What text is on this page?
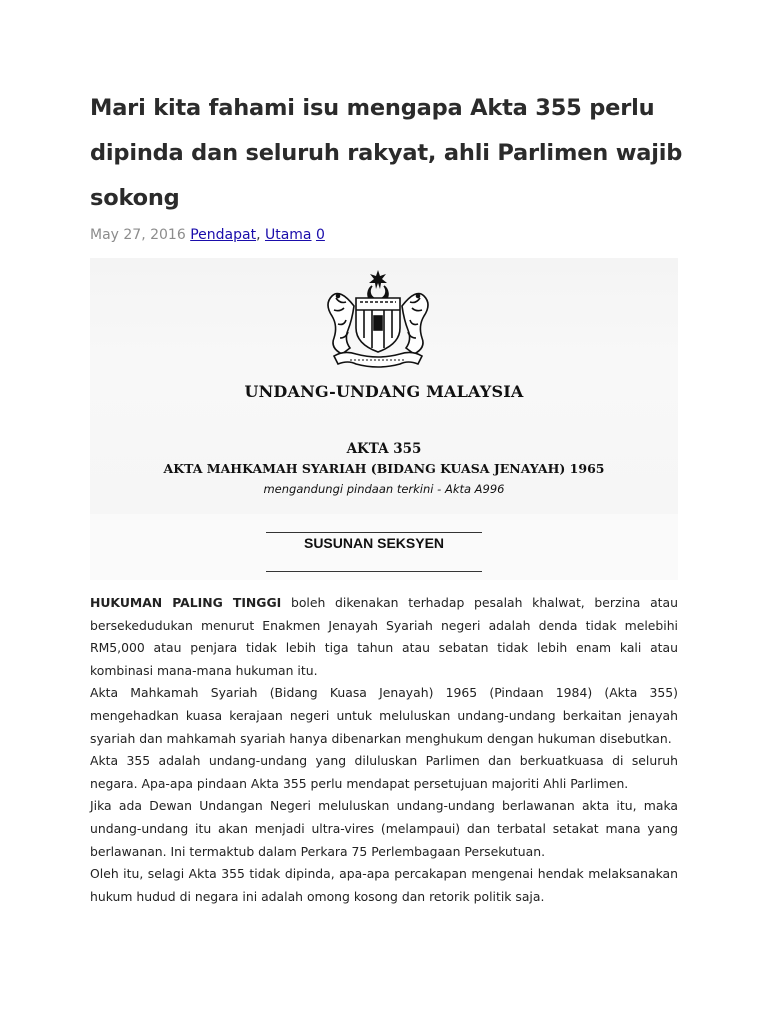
Mari kita fahami isu mengapa Akta 355 perlu dipinda dan seluruh rakyat, ahli Parlimen wajib sokong
May 27, 2016 Pendapat, Utama 0
UNDANG-UNDANG MALAYSIA
AKTA 355
AKTA MAHKAMAH SYARIAH (BIDANG KUASA JENAYAH) 1965
mengandungi pindaan terkini - Akta A996
SUSUNAN SEKSYEN

HUKUMAN PALING TINGGI boleh dikenakan terhadap pesalah khalwat, berzina atau bersekedudukan menurut Enakmen Jenayah Syariah negeri adalah denda tidak melebihi RM5,000 atau penjara tidak lebih tiga tahun atau sebatan tidak lebih enam kali atau kombinasi mana-mana hukuman itu.

Akta Mahkamah Syariah (Bidang Kuasa Jenayah) 1965 (Pindaan 1984) (Akta 355) mengehadkan kuasa kerajaan negeri untuk meluluskan undang-undang berkaitan jenayah syariah dan mahkamah syariah hanya dibenarkan menghukum dengan hukuman disebutkan.

Akta 355 adalah undang-undang yang diluluskan Parlimen dan berkuatkuasa di seluruh negara. Apa-apa pindaan Akta 355 perlu mendapat persetujuan majoriti Ahli Parlimen.

Jika ada Dewan Undangan Negeri meluluskan undang-undang berlawanan akta itu, maka undang-undang itu akan menjadi ultra-vires (melampaui) dan terbatal setakat mana yang berlawanan. Ini termaktub dalam Perkara 75 Perlembagaan Persekutuan.

Oleh itu, selagi Akta 355 tidak dipinda, apa-apa percakapan mengenai hendak melaksanakan hukum hudud di negara ini adalah omong kosong dan retorik politik saja.
